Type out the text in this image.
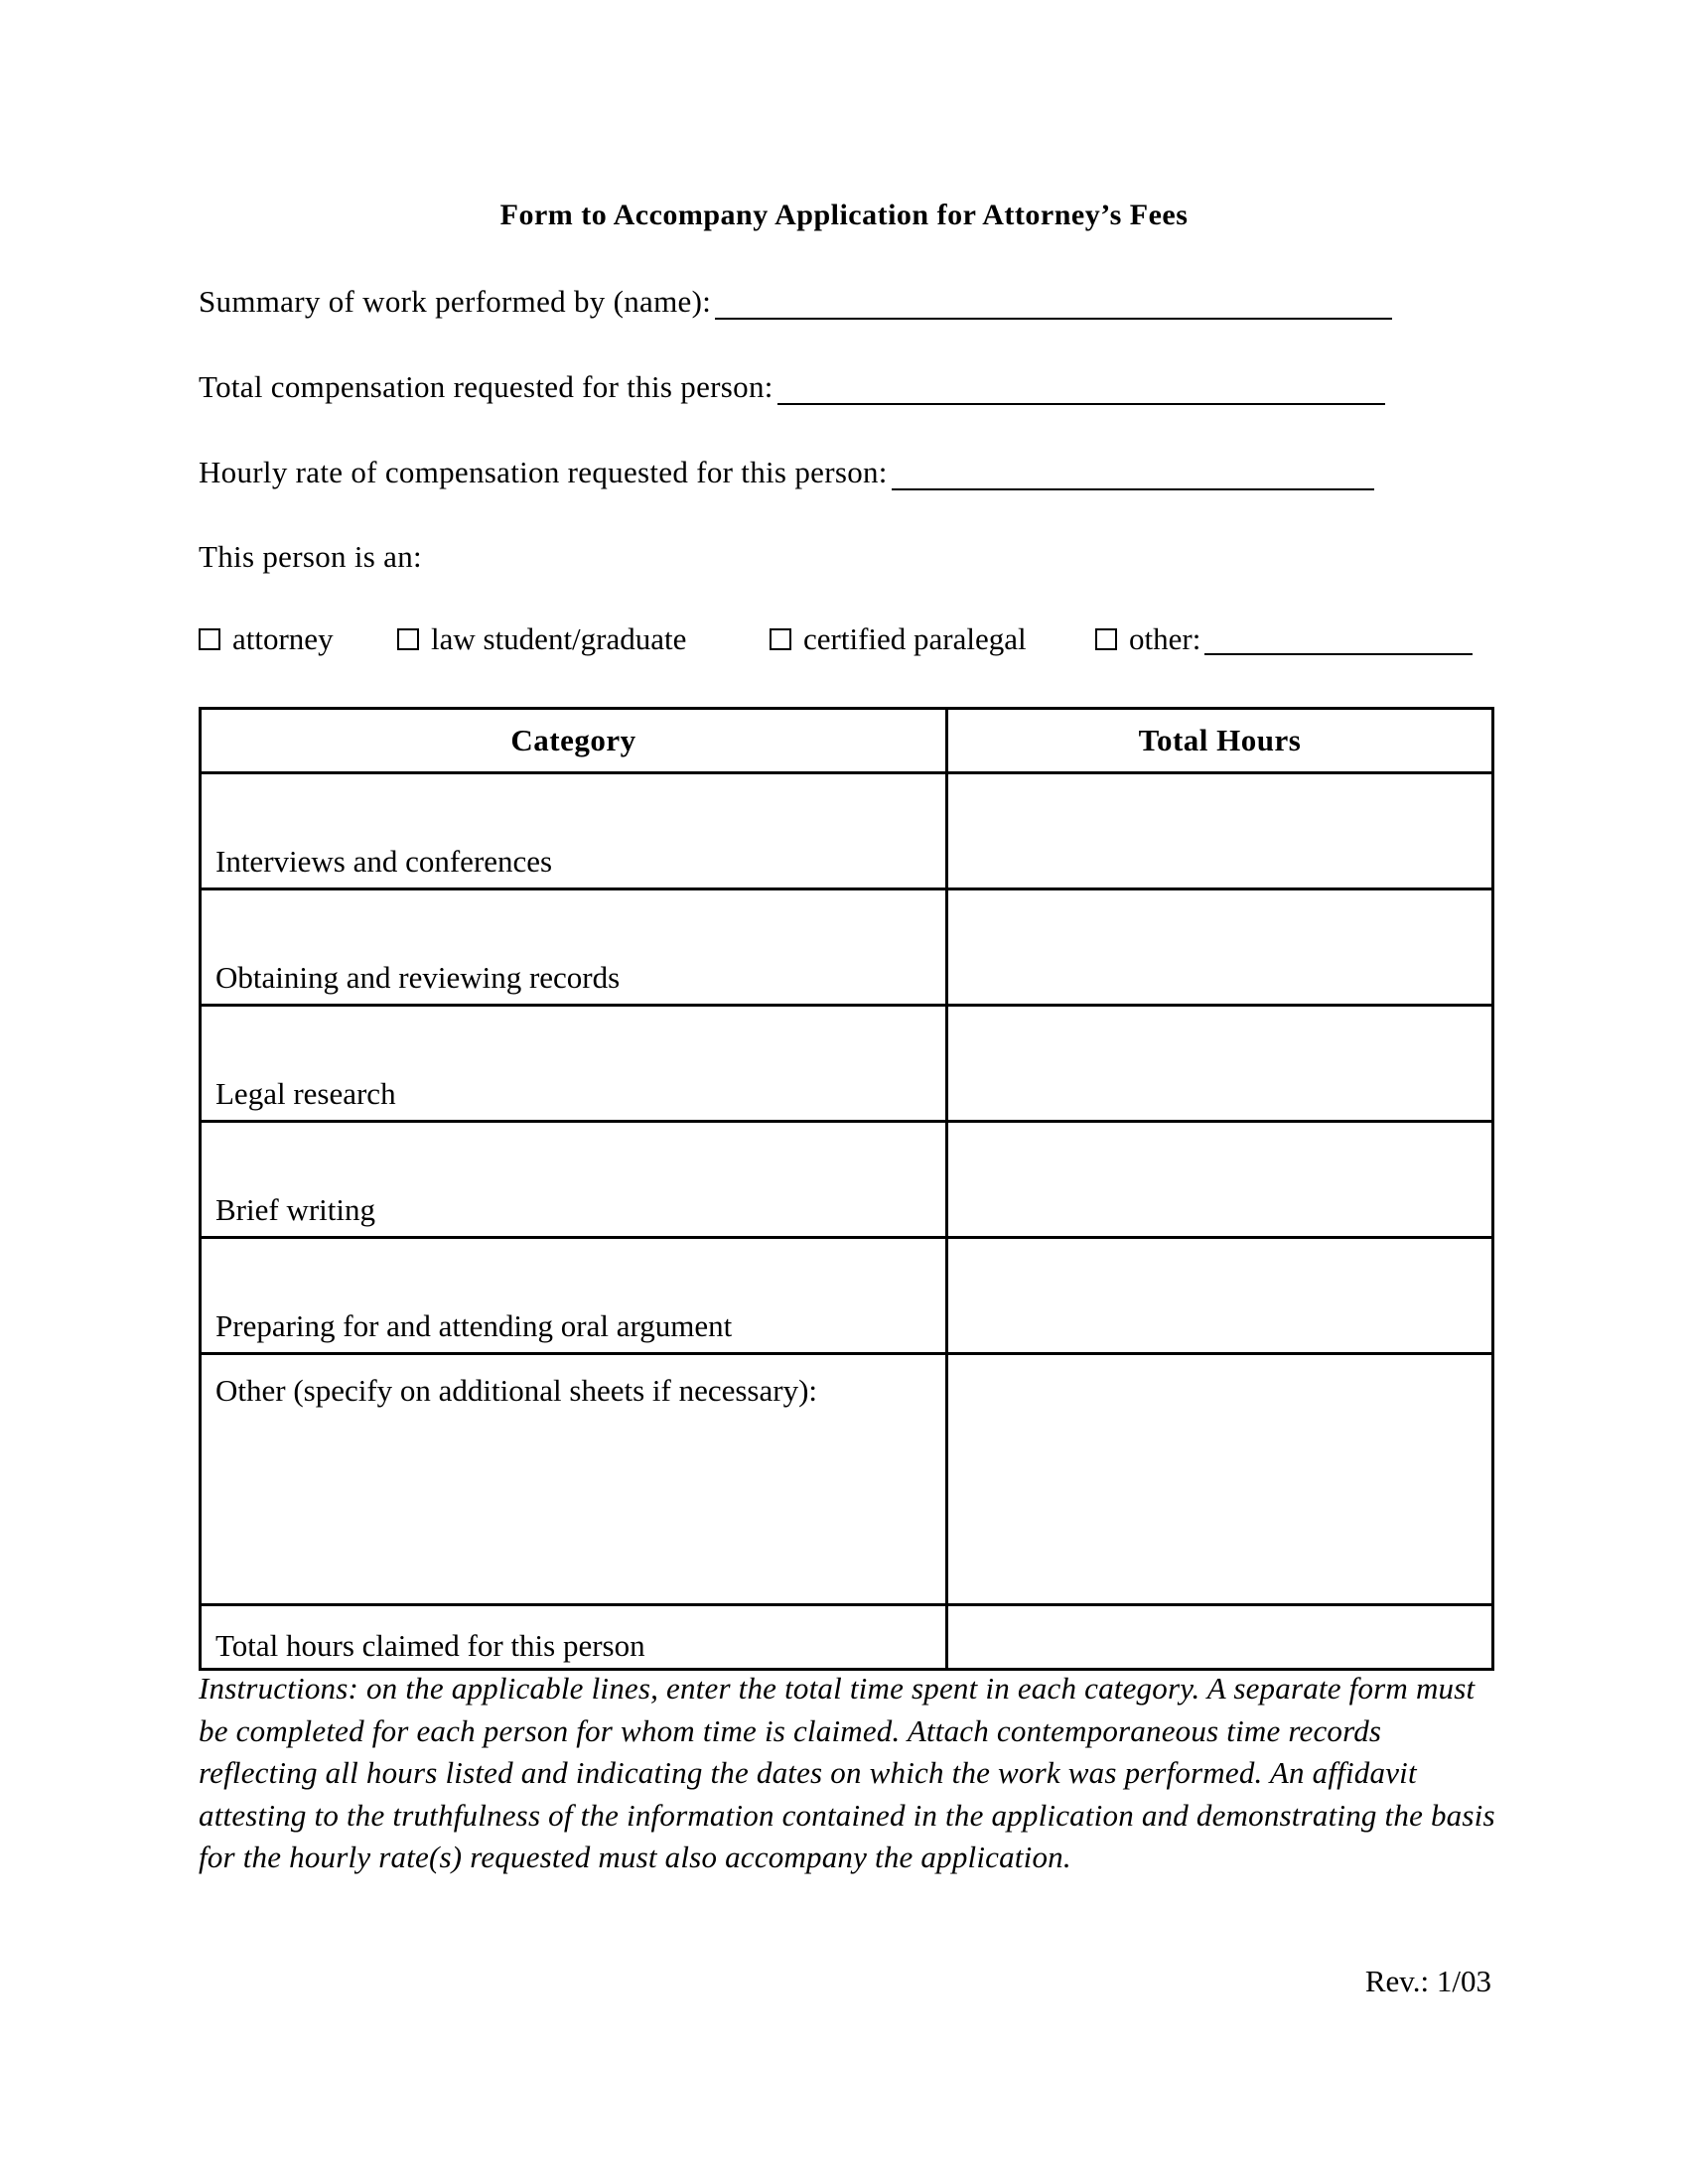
Form to Accompany Application for Attorney’s Fees
Summary of work performed by (name):
Total compensation requested for this person:
Hourly rate of compensation requested for this person:
This person is an:
attorney	law student/graduate	certified paralegal	other:
Category	Total Hours
Interviews and conferences	
Obtaining and reviewing records	
Legal research	
Brief writing	
Preparing for and attending oral argument	
Other (specify on additional sheets if necessary):	
Total hours claimed for this person	
Instructions: on the applicable lines, enter the total time spent in each category. A separate form must be completed for each person for whom time is claimed. Attach contemporaneous time records reflecting all hours listed and indicating the dates on which the work was performed. An affidavit attesting to the truthfulness of the information contained in the application and demonstrating the basis for the hourly rate(s) requested must also accompany the application.
Rev.: 1/03
